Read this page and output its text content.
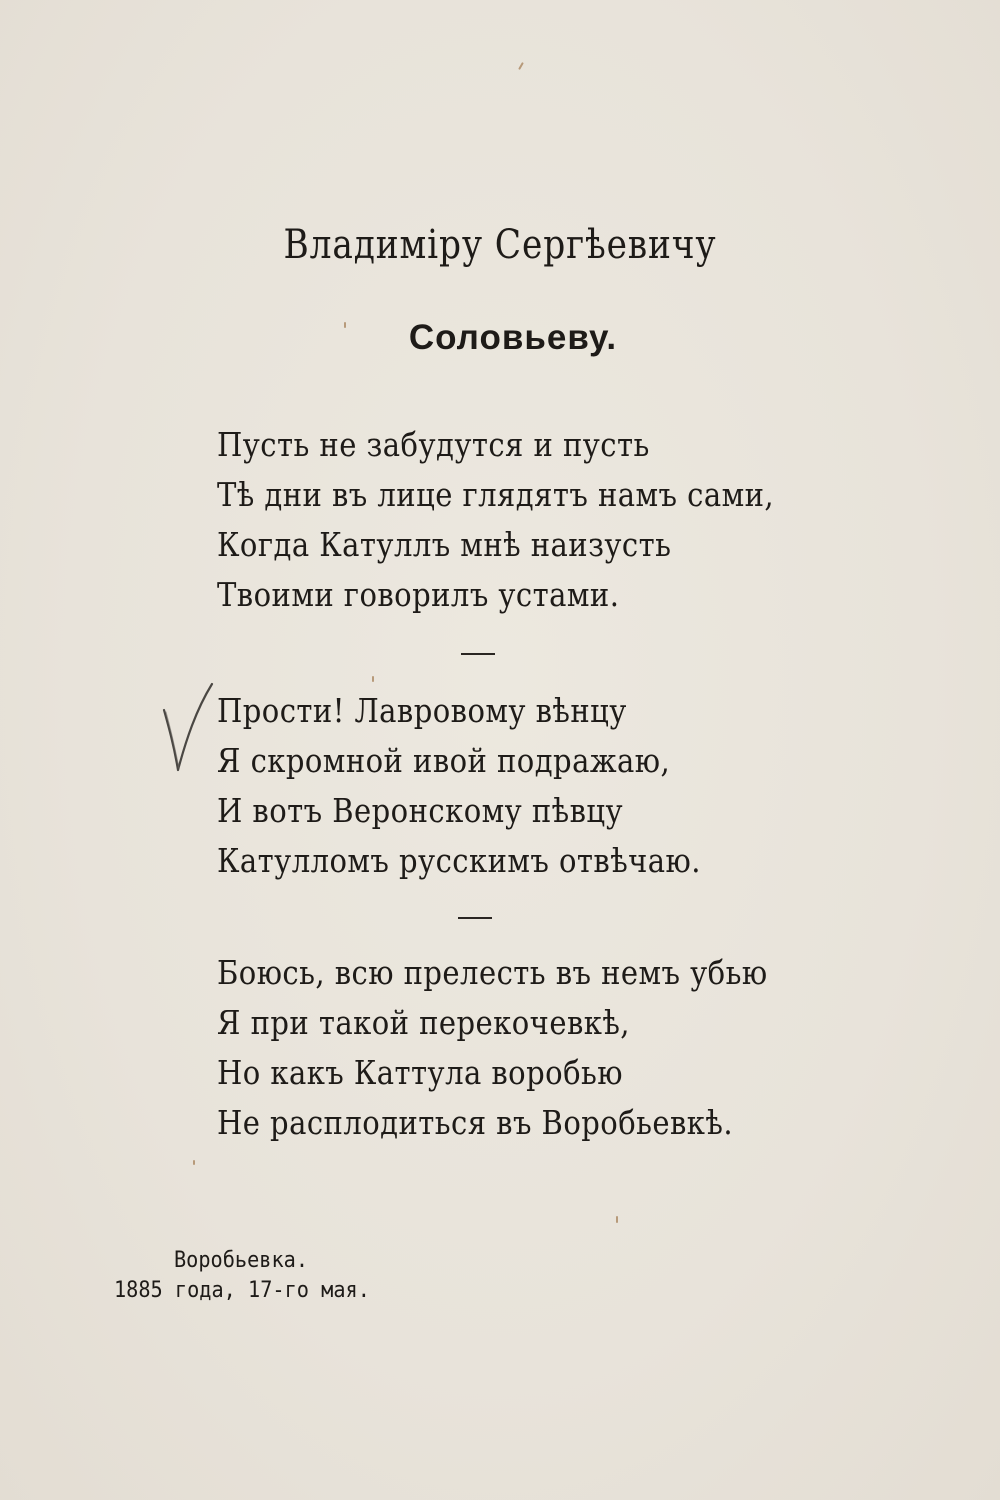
Владимiру Сергѣевичу
Соловьеву.
Пусть не забудутся и пусть
Тѣ дни въ лице глядятъ намъ сами,
Когда Катуллъ мнѣ наизусть
Твоими говорилъ устами.
Прости! Лавровому вѣнцу
Я скромной ивой подражаю,
И вотъ Веронскому пѣвцу
Катулломъ русскимъ отвѣчаю.
Боюсь, всю прелесть въ немъ убью
Я при такой перекочевкѣ,
Но какъ Каттула воробью
Не расплодиться въ Воробьевкѣ.
Воробьевка.
1885 года, 17-го мая.
